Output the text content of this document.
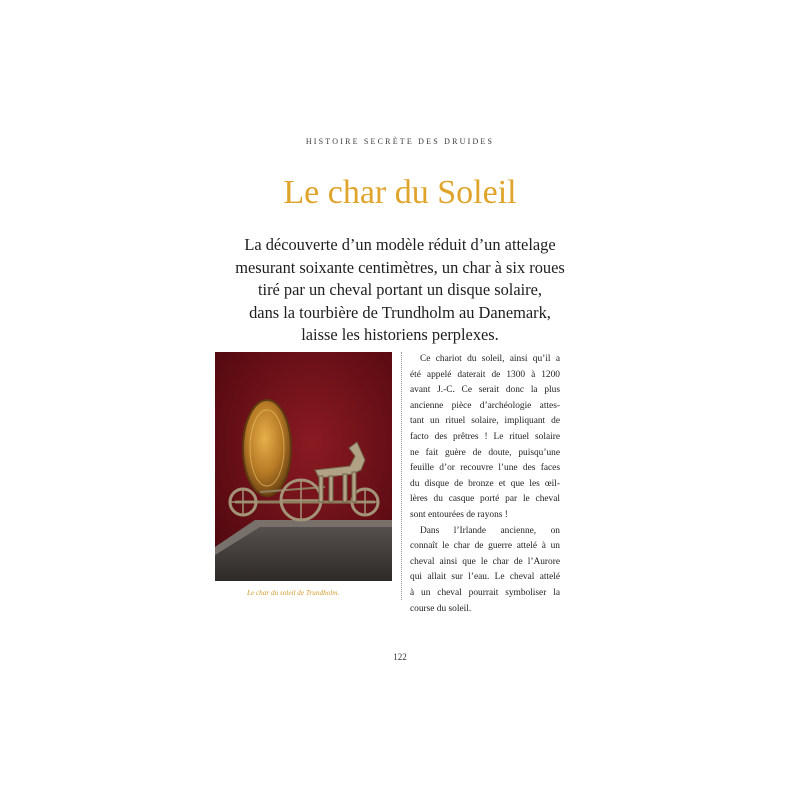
HISTOIRE SECRÈTE DES DRUIDES
Le char du Soleil
La découverte d’un modèle réduit d’un attelage
mesurant soixante centimètres, un char à six roues
tiré par un cheval portant un disque solaire,
dans la tourbière de Trundholm au Danemark,
laisse les historiens perplexes.
Le char du soleil de Trundholm.
Ce chariot du soleil, ainsi qu’il a
été appelé daterait de 1300 à 1200
avant J.-C. Ce serait donc la plus
ancienne pièce d’archéologie attes-
tant un rituel solaire, impliquant de
facto des prêtres ! Le rituel solaire
ne fait guère de doute, puisqu’une
feuille d’or recouvre l’une des faces
du disque de bronze et que les œil-
lères du casque porté par le cheval
sont entourées de rayons !
Dans l’Irlande ancienne, on
connaît le char de guerre attelé à un
cheval ainsi que le char de l’Aurore
qui allait sur l’eau. Le cheval attelé
à un cheval pourrait symboliser la
course du soleil.
122
